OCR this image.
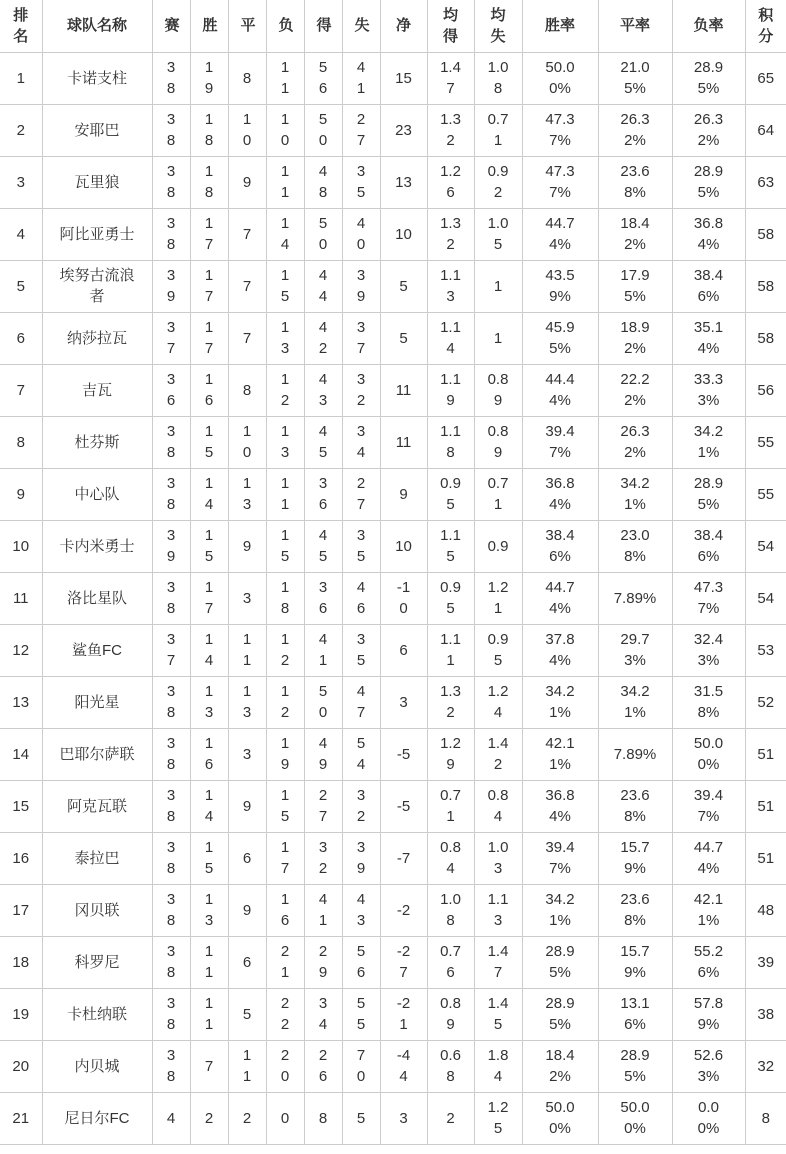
排名	球队名称	赛	胜	平	负	得	失	净	均得	均失	胜率	平率	负率	积分
1	卡诺支柱	38	19	8	11	56	41	15	1.47	1.08	50.00%	21.05%	28.95%	65
2	安耶巴	38	18	10	10	50	27	23	1.32	0.71	47.37%	26.32%	26.32%	64
3	瓦里狼	38	18	9	11	48	35	13	1.26	0.92	47.37%	23.68%	28.95%	63
4	阿比亚勇士	38	17	7	14	50	40	10	1.32	1.05	44.74%	18.42%	36.84%	58
5	埃努古流浪者	39	17	7	15	44	39	5	1.13	1	43.59%	17.95%	38.46%	58
6	纳莎拉瓦	37	17	7	13	42	37	5	1.14	1	45.95%	18.92%	35.14%	58
7	吉瓦	36	16	8	12	43	32	11	1.19	0.89	44.44%	22.22%	33.33%	56
8	杜芬斯	38	15	10	13	45	34	11	1.18	0.89	39.47%	26.32%	34.21%	55
9	中心队	38	14	13	11	36	27	9	0.95	0.71	36.84%	34.21%	28.95%	55
10	卡内米勇士	39	15	9	15	45	35	10	1.15	0.9	38.46%	23.08%	38.46%	54
11	洛比星队	38	17	3	18	36	46	-10	0.95	1.21	44.74%	7.89%	47.37%	54
12	鲨鱼FC	37	14	11	12	41	35	6	1.11	0.95	37.84%	29.73%	32.43%	53
13	阳光星	38	13	13	12	50	47	3	1.32	1.24	34.21%	34.21%	31.58%	52
14	巴耶尔萨联	38	16	3	19	49	54	-5	1.29	1.42	42.11%	7.89%	50.00%	51
15	阿克瓦联	38	14	9	15	27	32	-5	0.71	0.84	36.84%	23.68%	39.47%	51
16	泰拉巴	38	15	6	17	32	39	-7	0.84	1.03	39.47%	15.79%	44.74%	51
17	冈贝联	38	13	9	16	41	43	-2	1.08	1.13	34.21%	23.68%	42.11%	48
18	科罗尼	38	11	6	21	29	56	-27	0.76	1.47	28.95%	15.79%	55.26%	39
19	卡杜纳联	38	11	5	22	34	55	-21	0.89	1.45	28.95%	13.16%	57.89%	38
20	内贝城	38	7	11	20	26	70	-44	0.68	1.84	18.42%	28.95%	52.63%	32
21	尼日尔FC	4	2	2	0	8	5	3	2	1.25	50.00%	50.00%	0.00%	8
